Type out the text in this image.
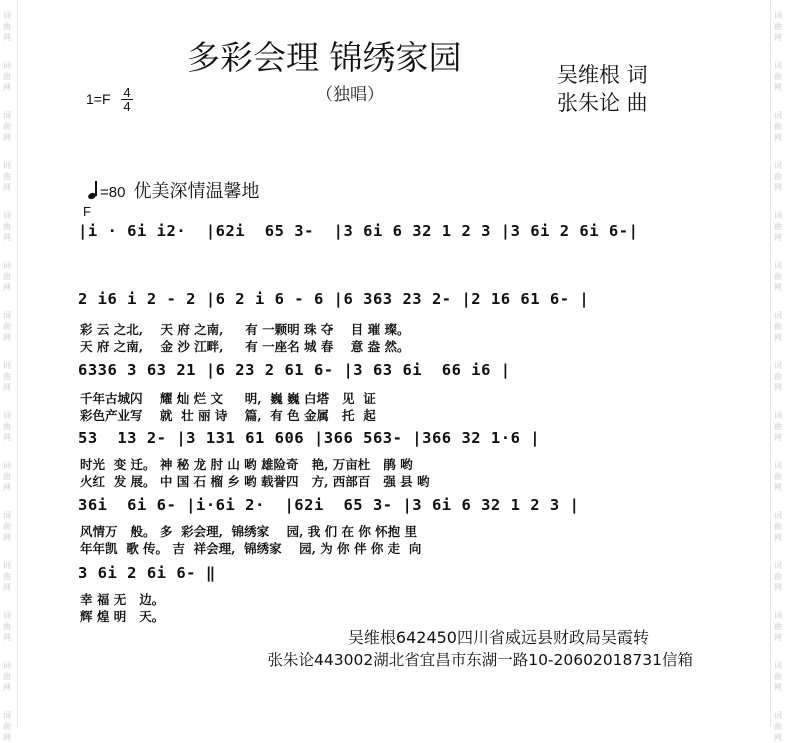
词
曲
网
词
曲
网
词
曲
网
词
曲
网
词
曲
网
词
曲
网
词
曲
网
词
曲
网
词
曲
网
词
曲
网
词
曲
网
词
曲
网
词
曲
网
词
曲
网
词
曲
网
词
曲
网
词
曲
网
词
曲
网
词
曲
网
词
曲
网
词
曲
网
词
曲
网
词
曲
网
词
曲
网
词
曲
网
词
曲
网
词
曲
网
词
曲
网
词
曲
网
词
曲
网
多彩会理 锦绣家园
（独唱）
吴维根 词
张朱论 曲
1=F 4
4
=80 优美深情温馨地
F
|i · 6i i2·  |62i  65 3-  |3 6i 6 32 1 2 3 |3 6i 2 6i 6-|
2 i6 i 2 - 2 |6 2 i 6 - 6 |6 363 23 2- |2 16 61 6- |
彩 云 之北,    天 府 之南,     有 一颗明 珠 夺    目 璀 璨。
天 府 之南,    金 沙 江畔,     有 一座名 城 春    意 盎 然。
6336 3 63 21 |6 23 2 61 6- |3 63 6i  66 i6 |
千年古城闪    耀 灿 烂 文     明,  巍 巍 白塔   见  证
彩色产业写    就  壮 丽 诗    篇,  有 色 金属   托  起
53  13 2- |3 131 61 606 |366 563- |366 32 1·6 |
时光  变 迁。 神 秘 龙 肘 山 哟 雄险奇   艳, 万亩杜   鹃 哟
火红  发 展。 中 国 石 榴 乡 哟 载誉四   方, 西部百   强 县 哟
36i  6i 6- |i·6i 2·  |62i  65 3- |3 6i 6 32 1 2 3 |
风情万   般。 多  彩会理,  锦绣家    园, 我 们 在 你 怀抱 里
年年凯  歌 传。 吉  祥会理,  锦绣家    园, 为 你 伴 你 走  向
3 6i 2 6i 6- ‖
幸 福 无   边。
辉 煌 明   天。
吴维根642450四川省威远县财政局吴霞转
张朱论443002湖北省宜昌市东湖一路10-20602018731信箱
